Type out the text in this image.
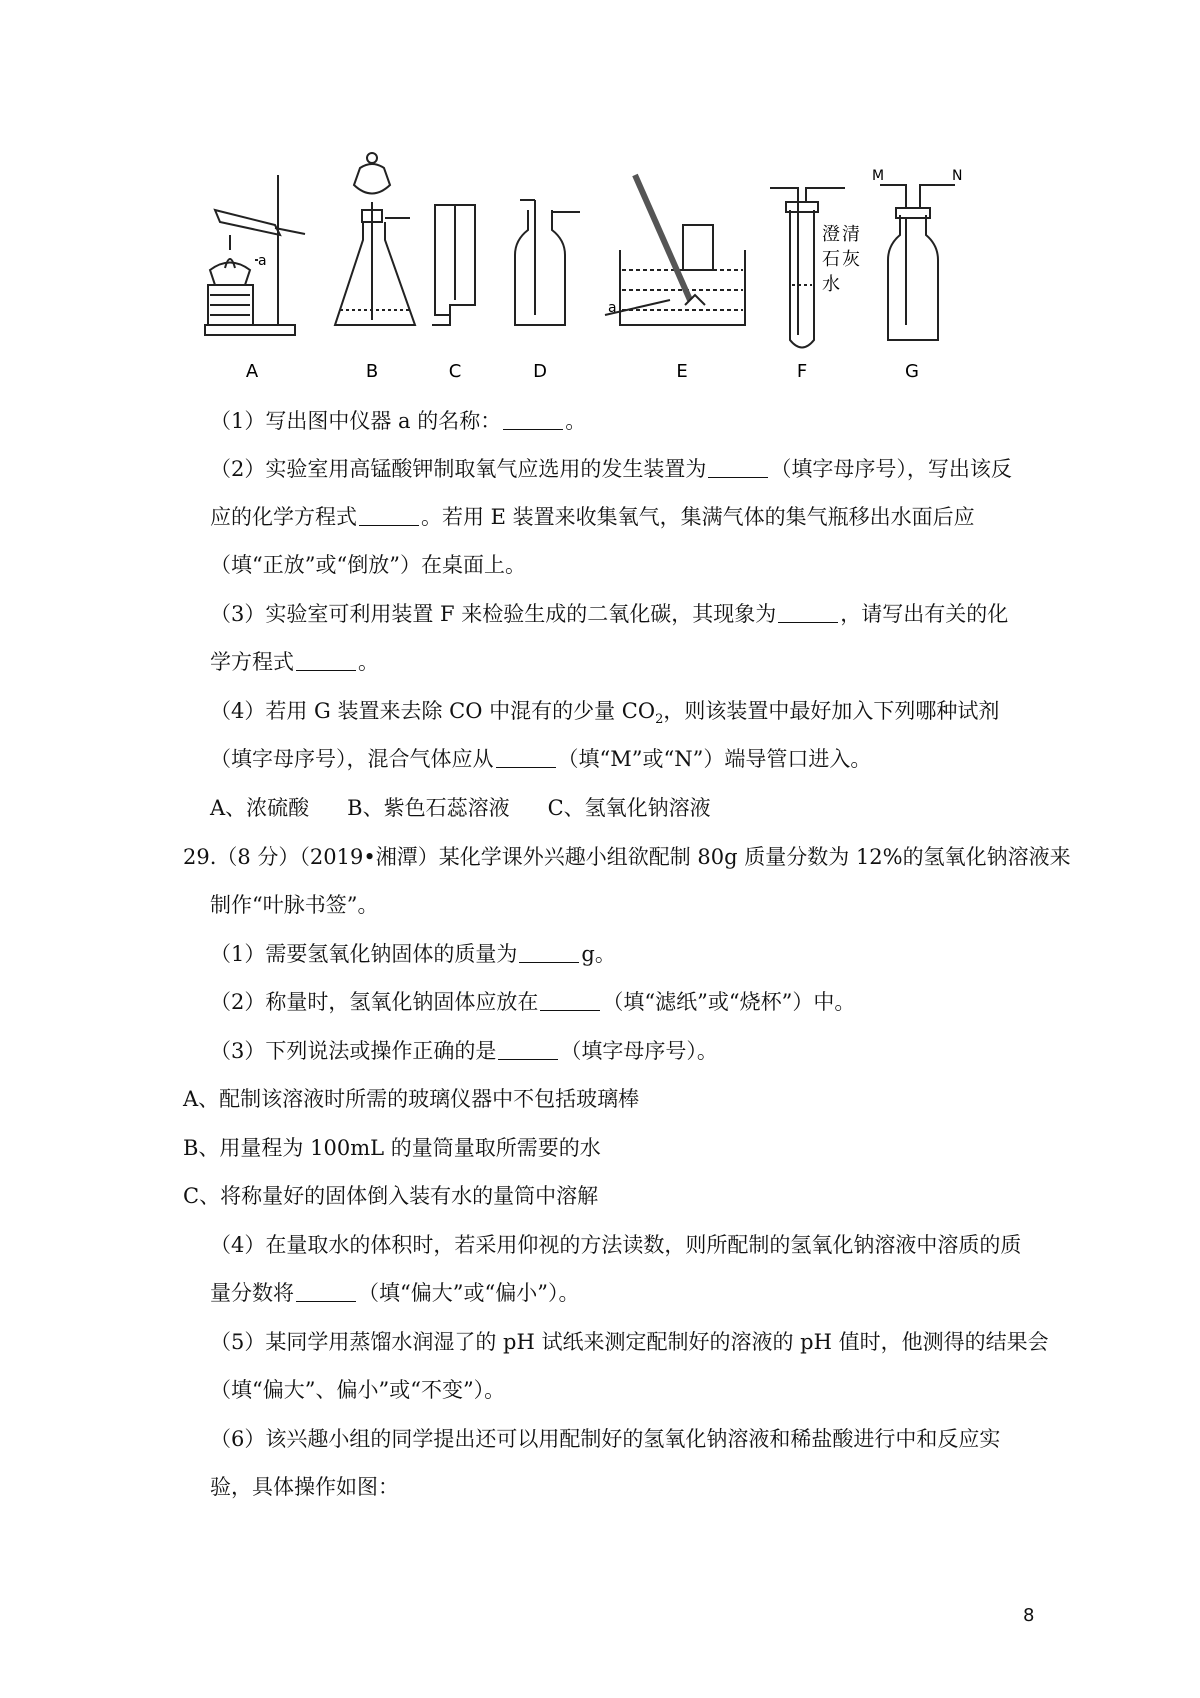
A	B	C	D	E	F	G
a
a
澄 清
石 灰
水
M	N
（1）写出图中仪器 a 的名称：	。
（2）实验室用高锰酸钾制取氧气应选用的发生装置为	（填字母序号），写出该反
应的化学方程式	。若用 E 装置来收集氧气，集满气体的集气瓶移出水面后应
（填“正放”或“倒放”）在桌面上。
（3）实验室可利用装置 F 来检验生成的二氧化碳，其现象为	，请写出有关的化
学方程式	。
（4）若用 G 装置来去除 CO 中混有的少量 $CO_2$，则该装置中最好加入下列哪种试剂
（填字母序号），混合气体应从	（填“M”或“N”）端导管口进入。
A、浓硫酸 B、紫色石蕊溶液 C、氢氧化钠溶液
29.（8 分）（2019•湘潭）某化学课外兴趣小组欲配制 80g 质量分数为 12%的氢氧化钠溶液来
制作“叶脉书签”。
（1）需要氢氧化钠固体的质量为	g。
（2）称量时，氢氧化钠固体应放在	（填“滤纸”或“烧杯”）中。
（3）下列说法或操作正确的是	（填字母序号）。
A、配制该溶液时所需的玻璃仪器中不包括玻璃棒
B、用量程为 100mL 的量筒量取所需要的水
C、将称量好的固体倒入装有水的量筒中溶解
（4）在量取水的体积时，若采用仰视的方法读数，则所配制的氢氧化钠溶液中溶质的质
量分数将	（填“偏大”或“偏小”）。
（5）某同学用蒸馏水润湿了的 pH 试纸来测定配制好的溶液的 pH 值时，他测得的结果会
（填“偏大”、偏小”或“不变”）。
（6）该兴趣小组的同学提出还可以用配制好的氢氧化钠溶液和稀盐酸进行中和反应实
验，具体操作如图：
8
